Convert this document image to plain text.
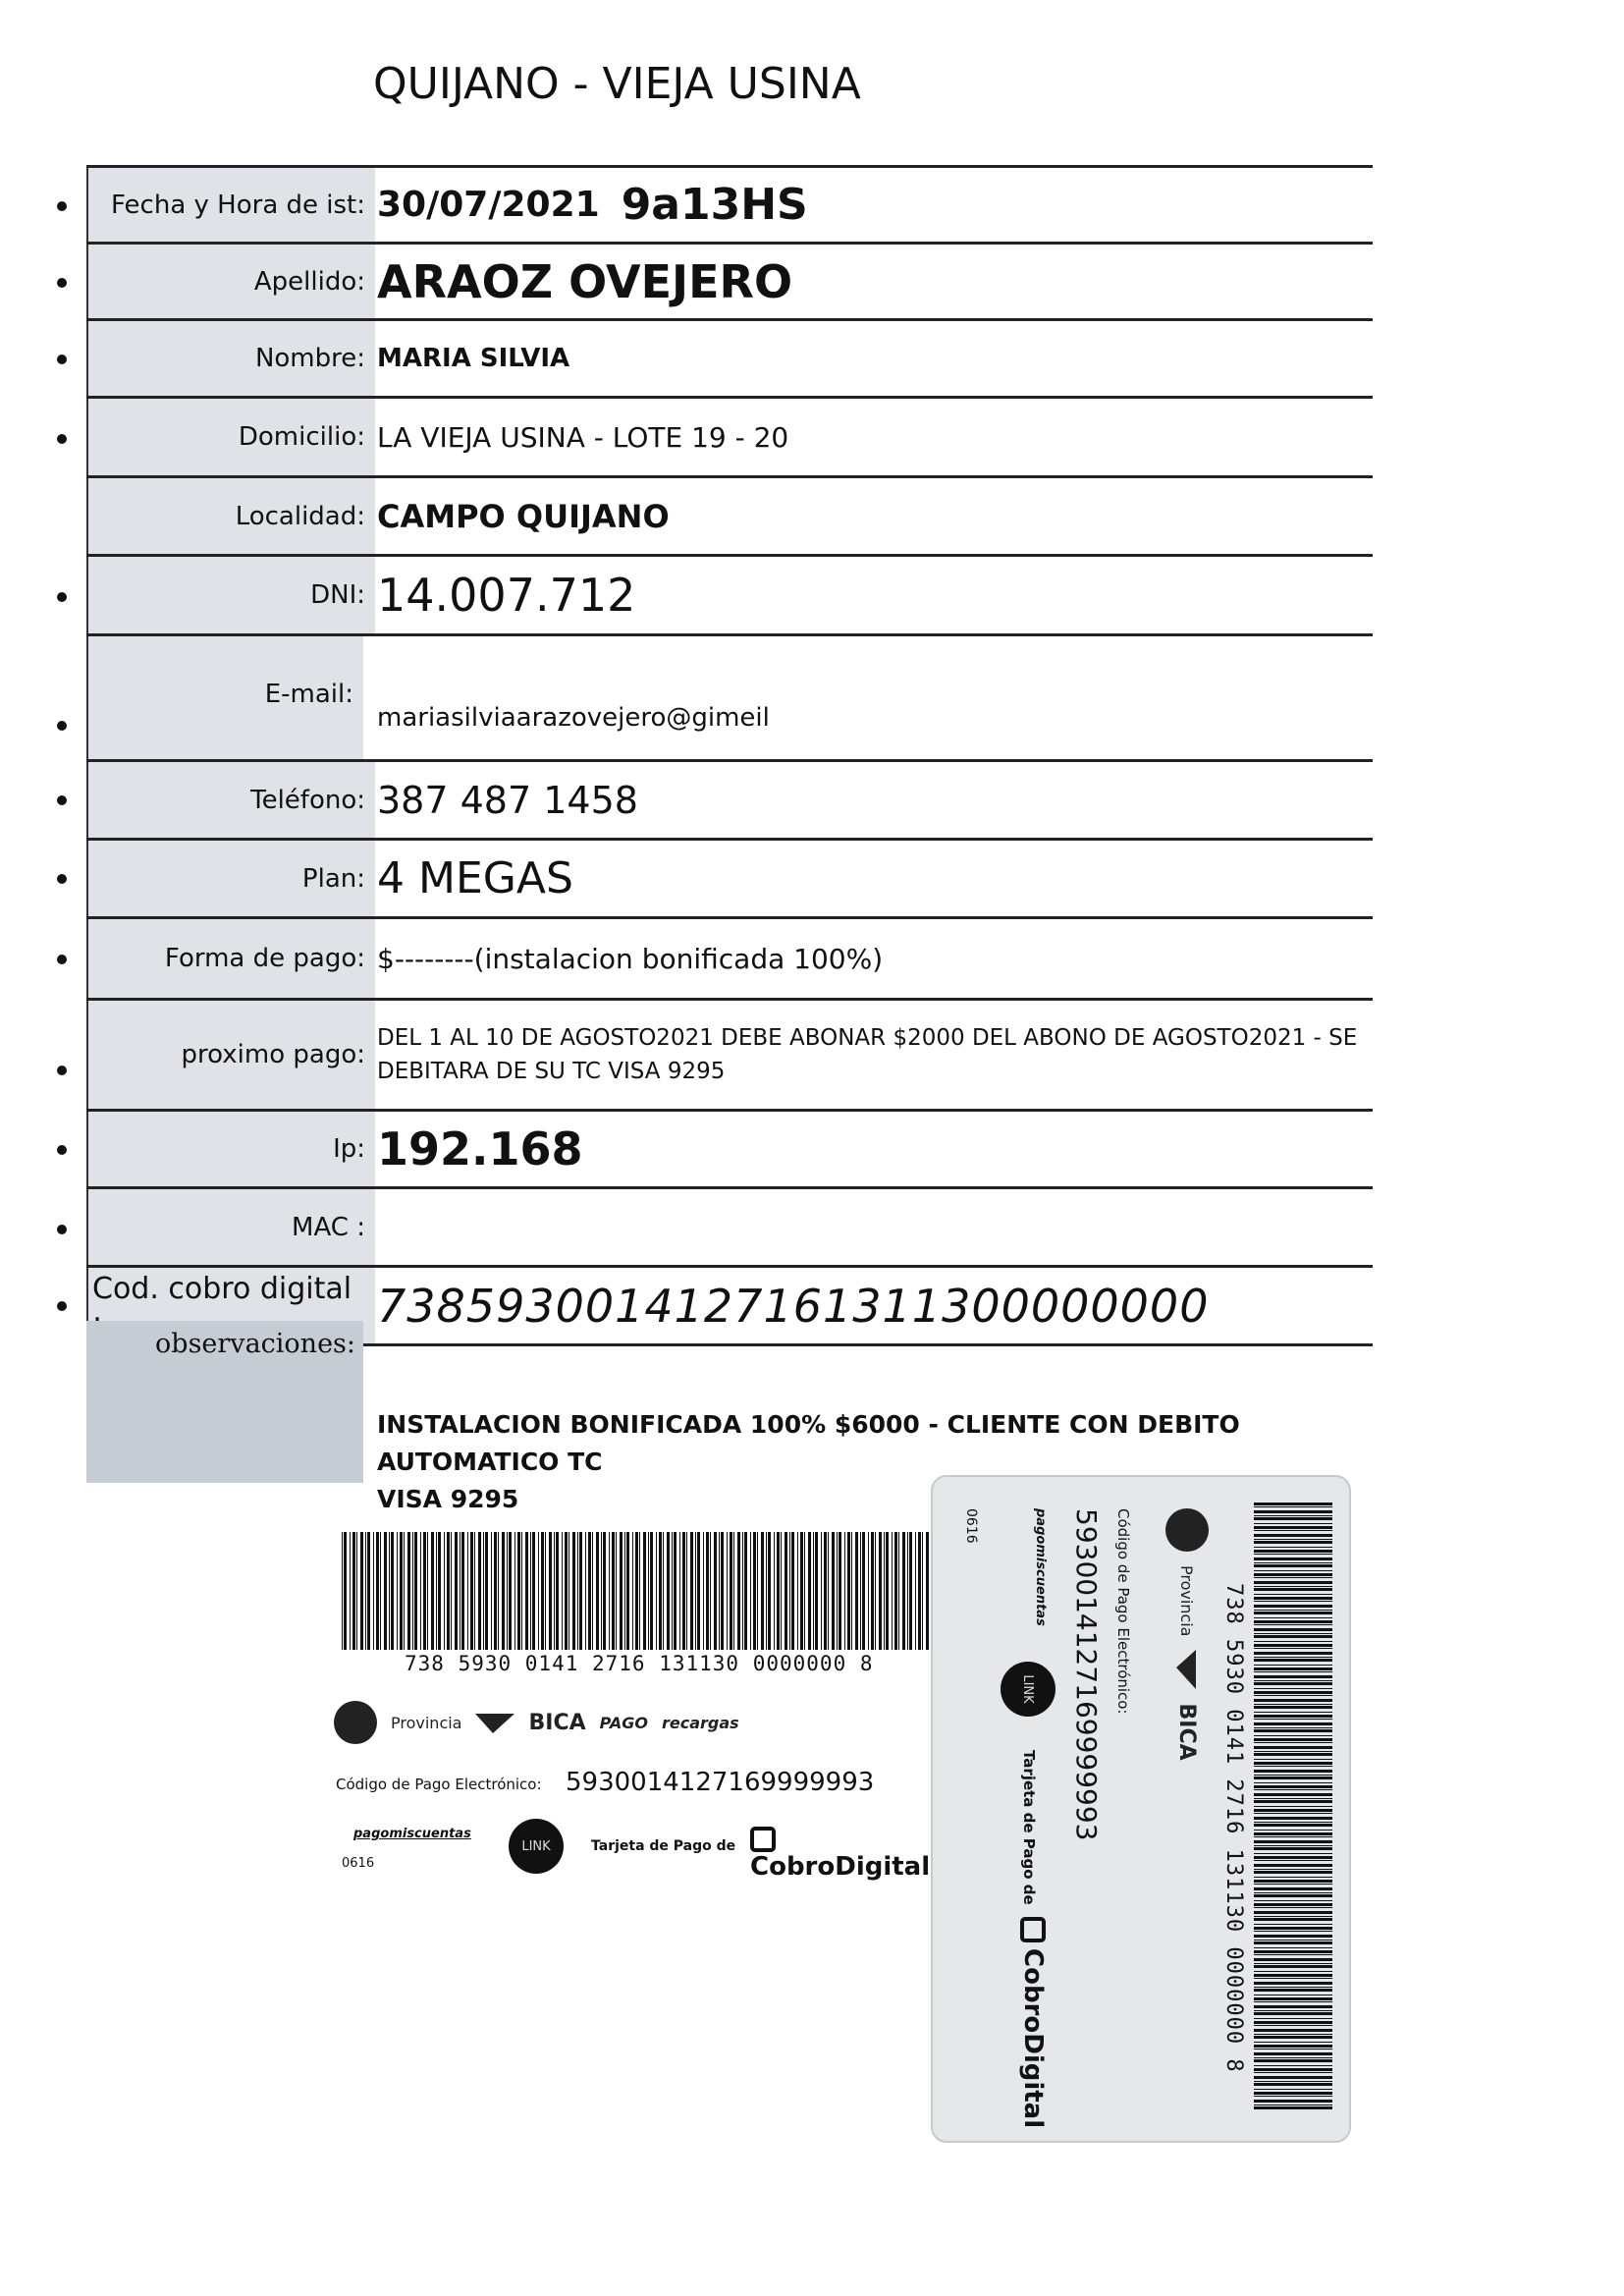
QUIJANO - VIEJA USINA
Fecha y Hora de ist: 30/07/2021 9a13HS
Apellido: ARAOZ OVEJERO
Nombre: MARIA SILVIA
Domicilio: LA VIEJA USINA - LOTE 19 - 20
Localidad: CAMPO QUIJANO
DNI: 14.007.712
E-mail:
mariasilviaarazovejero@gimeil
Teléfono: 387 487 1458
Plan: 4 MEGAS
Forma de pago: $--------(instalacion bonificada 100%)
proximo pago:
DEL 1 AL 10 DE AGOSTO2021 DEBE ABONAR $2000 DEL ABONO DE AGOSTO2021 - SE
DEBITARA DE SU TC VISA 9295
Ip: 192.168
MAC :
Cod. cobro digital 7385930014127161311300000000
observaciones:
INSTALACION BONIFICADA 100% $6000 - CLIENTE CON DEBITO AUTOMATICO TC
VISA 9295
738 5930 0141 2716 131130 0000000 8
Provincia	BICA PAGO recargas
Código de Pago Electrónico: 5930014127169999993
pagomiscuentas
0616
LINK	Tarjeta de Pago de
CobroDigital	738 5930 0141 2716 131130 0000000 8
Provincia
BICA
Código de Pago Electrónico:
5930014127169999993
pagomiscuentas
LINK
Tarjeta de Pago de
CobroDigital
0616
